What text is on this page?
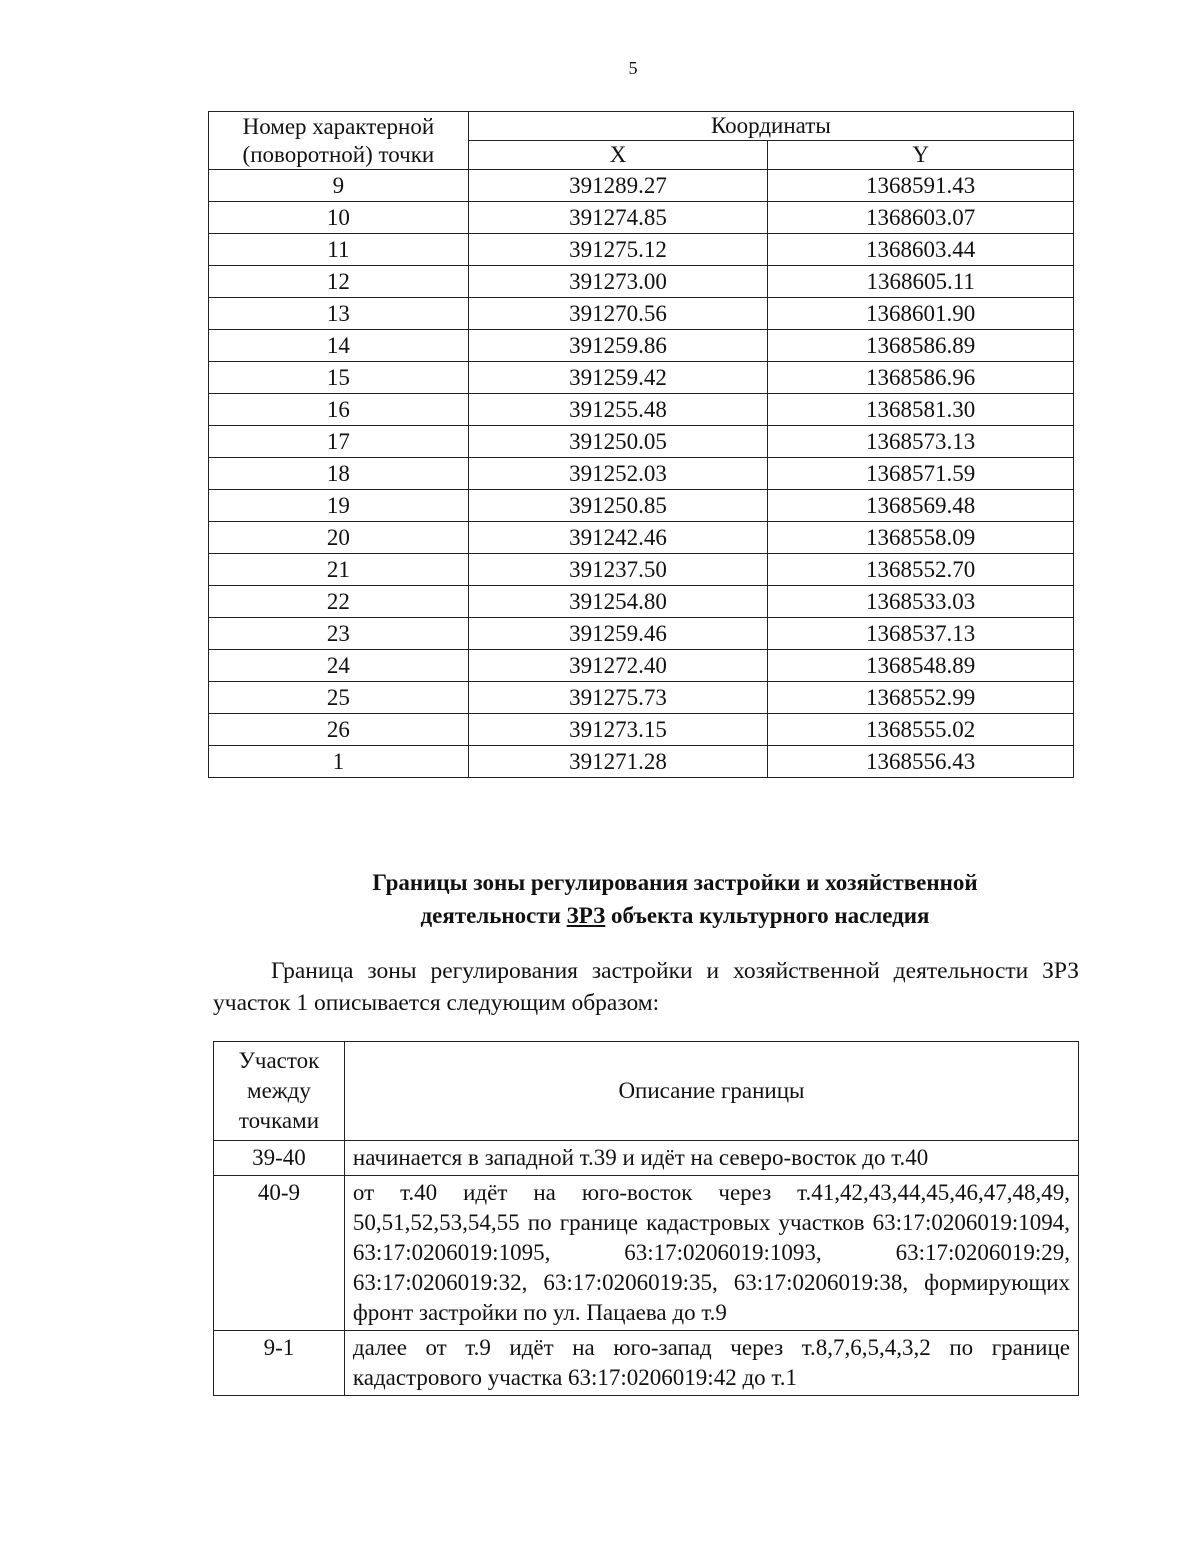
5
Номер характерной (поворотной) точки	Координаты	
	X	Y
9	391289.27	1368591.43
10	391274.85	1368603.07
11	391275.12	1368603.44
12	391273.00	1368605.11
13	391270.56	1368601.90
14	391259.86	1368586.89
15	391259.42	1368586.96
16	391255.48	1368581.30
17	391250.05	1368573.13
18	391252.03	1368571.59
19	391250.85	1368569.48
20	391242.46	1368558.09
21	391237.50	1368552.70
22	391254.80	1368533.03
23	391259.46	1368537.13
24	391272.40	1368548.89
25	391275.73	1368552.99
26	391273.15	1368555.02
1	391271.28	1368556.43
Границы зоны регулирования застройки и хозяйственной
деятельности ЗРЗ объекта культурного наследия
Граница зоны регулирования застройки и хозяйственной деятельности ЗРЗ участок 1 описывается следующим образом:
Участок между точками	Описание границы
39-40	начинается в западной т.39 и идёт на северо-восток до т.40
40-9	от т.40 идёт на юго-восток через т.41,42,43,44,45,46,47,48,49, 50,51,52,53,54,55 по границе кадастровых участков 63:17:0206019:1094, 63:17:0206019:1095, 63:17:0206019:1093, 63:17:0206019:29, 63:17:0206019:32, 63:17:0206019:35, 63:17:0206019:38, формирующих фронт застройки по ул. Пацаева до т.9
9-1	далее от т.9 идёт на юго-запад через т.8,7,6,5,4,3,2 по границе кадастрового участка 63:17:0206019:42 до т.1
